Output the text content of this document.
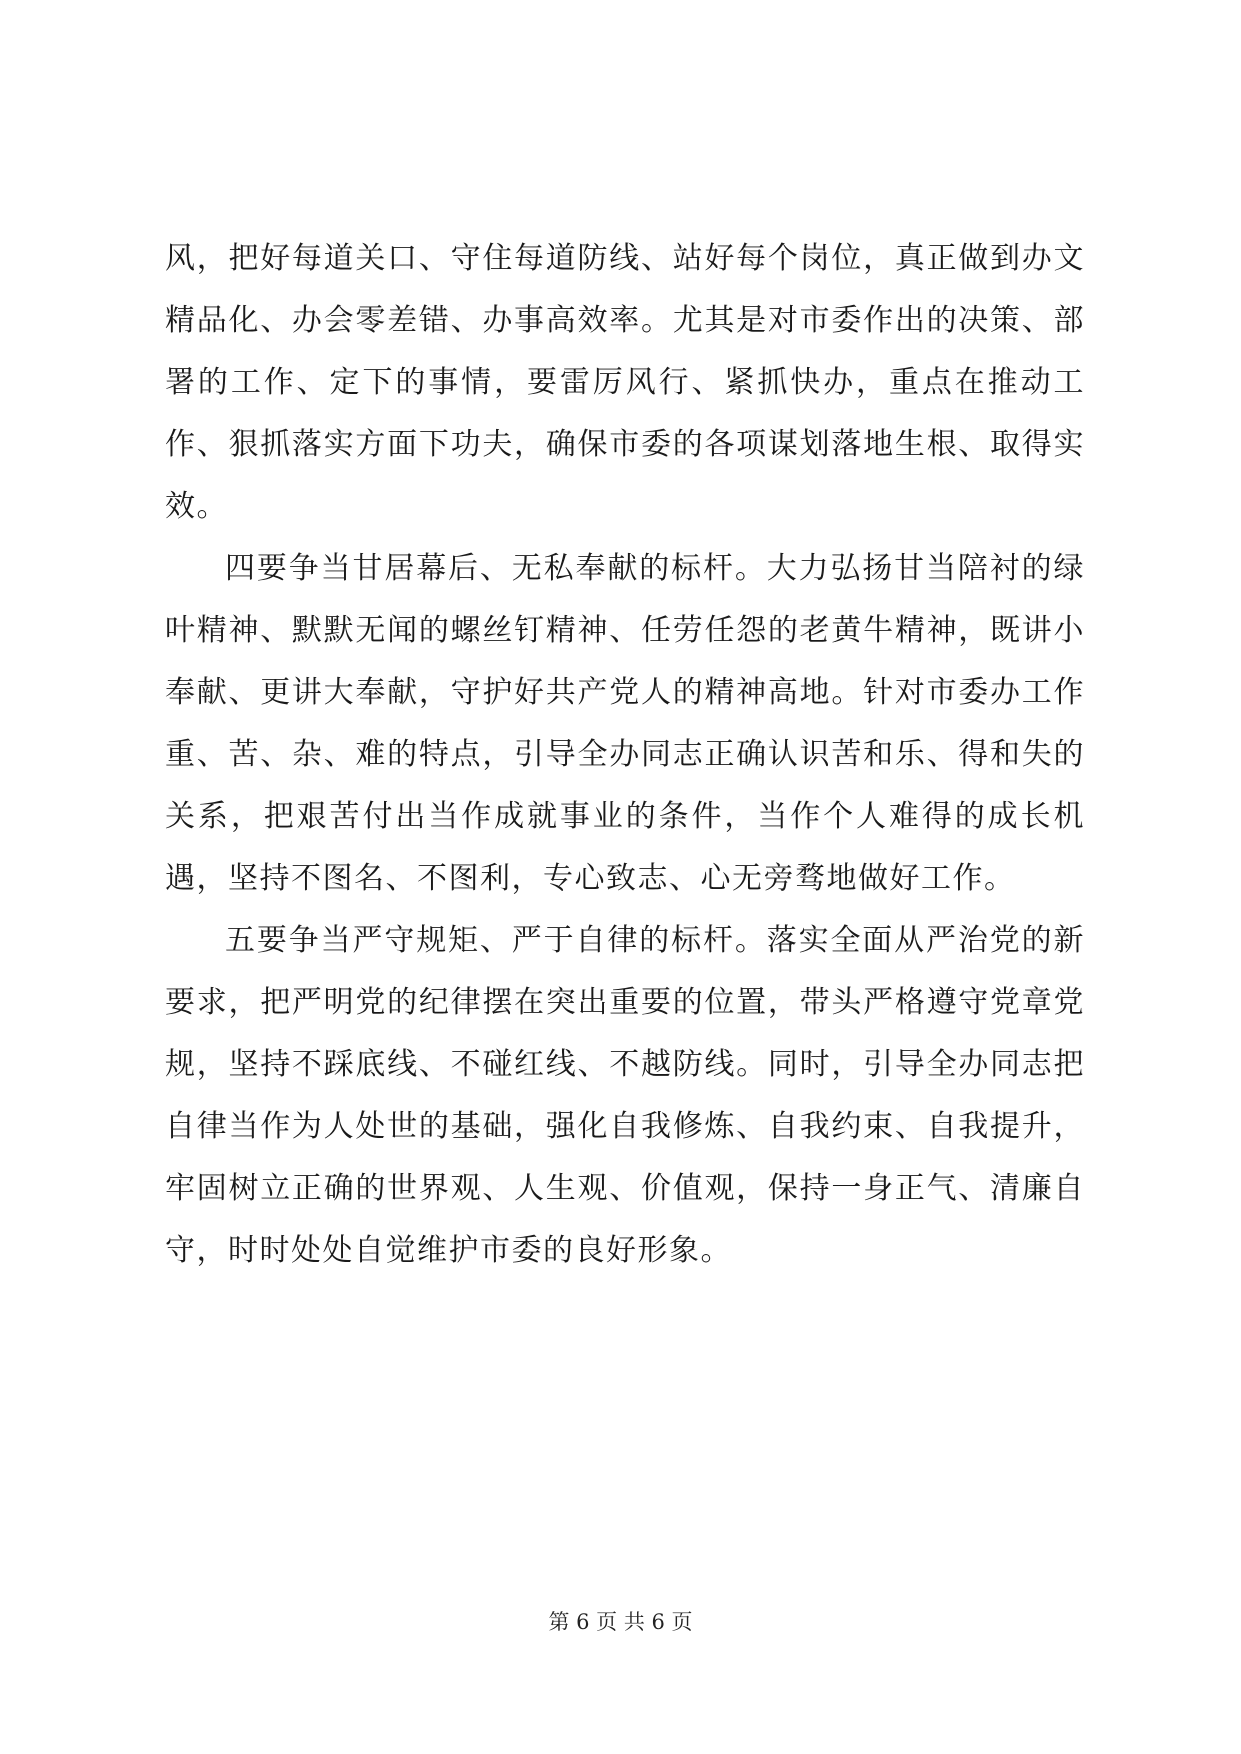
风，把好每道关口、守住每道防线、站好每个岗位，真正做到办文精品化、办会零差错、办事高效率。尤其是对市委作出的决策、部署的工作、定下的事情，要雷厉风行、紧抓快办，重点在推动工作、狠抓落实方面下功夫，确保市委的各项谋划落地生根、取得实效。

四要争当甘居幕后、无私奉献的标杆。大力弘扬甘当陪衬的绿叶精神、默默无闻的螺丝钉精神、任劳任怨的老黄牛精神，既讲小奉献、更讲大奉献，守护好共产党人的精神高地。针对市委办工作重、苦、杂、难的特点，引导全办同志正确认识苦和乐、得和失的关系，把艰苦付出当作成就事业的条件，当作个人难得的成长机遇，坚持不图名、不图利，专心致志、心无旁骛地做好工作。

五要争当严守规矩、严于自律的标杆。落实全面从严治党的新要求，把严明党的纪律摆在突出重要的位置，带头严格遵守党章党规，坚持不踩底线、不碰红线、不越防线。同时，引导全办同志把自律当作为人处世的基础，强化自我修炼、自我约束、自我提升，牢固树立正确的世界观、人生观、价值观，保持一身正气、清廉自守，时时处处自觉维护市委的良好形象。

第 6 页 共 6 页
